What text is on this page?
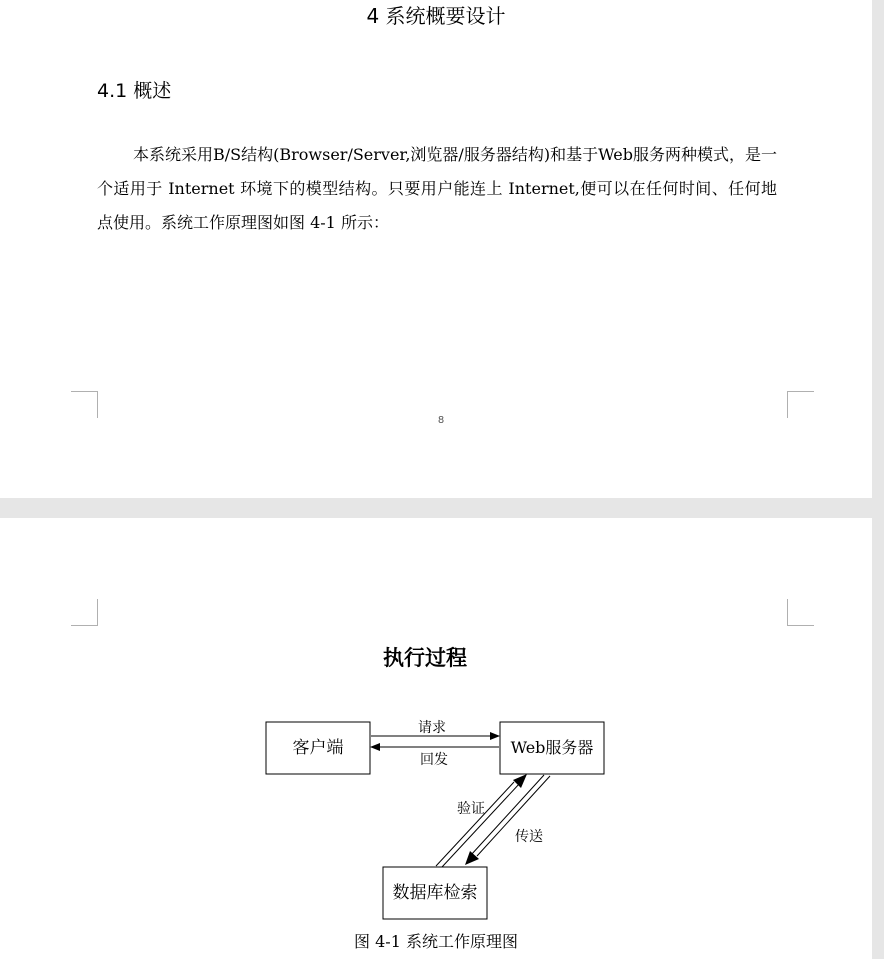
4 系统概要设计
4.1 概述

本系统采用B/S结构(Browser/Server,浏览器/服务器结构)和基于Web服务两种模式，是一个适用于 Internet 环境下的模型结构。只要用户能连上 Internet,便可以在任何时间、任何地点使用。系统工作原理图如图 4-1 所示：

8
执行过程
客户端	Web服务器
数据库检索
请求
回发
验证
传送
图 4-1 系统工作原理图
